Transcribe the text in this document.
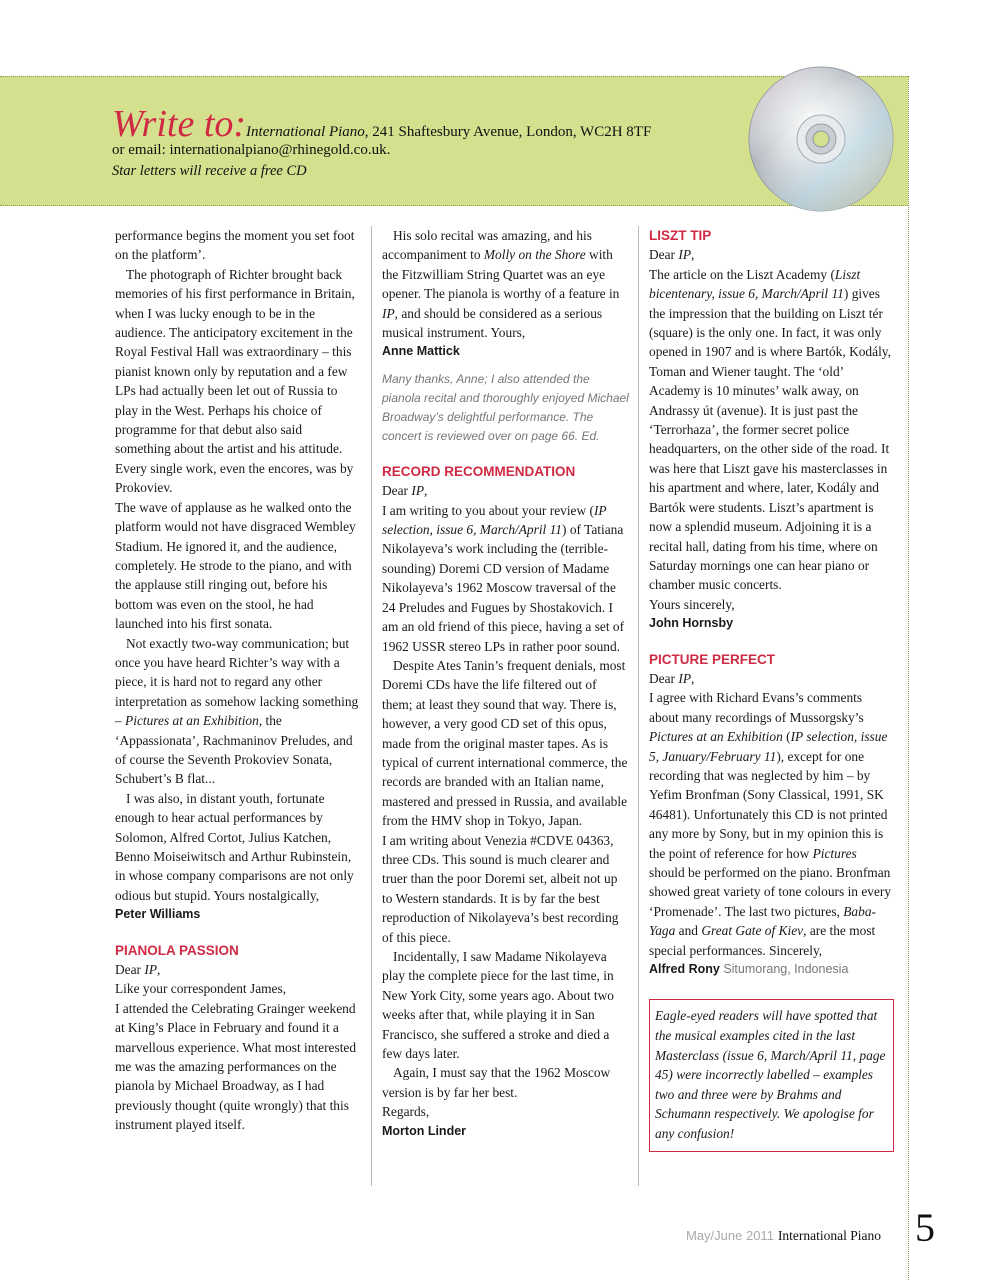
Write to:International Piano, 241 Shaftesbury Avenue, London, WC2H 8TF
or email: internationalpiano@rhinegold.co.uk.
Star letters will receive a free CD

performance begins the moment you set foot on the platform’.

The photograph of Richter brought back memories of his first performance in Britain, when I was lucky enough to be in the audience. The anticipatory excitement in the Royal Festival Hall was extraordinary – this pianist known only by reputation and a few LPs had actually been let out of Russia to play in the West. Perhaps his choice of programme for that debut also said something about the artist and his attitude. Every single work, even the encores, was by Prokoviev.

The wave of applause as he walked onto the platform would not have disgraced Wembley Stadium. He ignored it, and the audience, completely. He strode to the piano, and with the applause still ringing out, before his bottom was even on the stool, he had launched into his first sonata.

Not exactly two-way communication; but once you have heard Richter’s way with a piece, it is hard not to regard any other interpretation as somehow lacking something – Pictures at an Exhibition, the ‘Appassionata’, Rachmaninov Preludes, and of course the Seventh Prokoviev Sonata, Schubert’s B flat...

I was also, in distant youth, fortunate enough to hear actual performances by Solomon, Alfred Cortot, Julius Katchen, Benno Moiseiwitsch and Arthur Rubinstein, in whose company comparisons are not only odious but stupid. Yours nostalgically,

Peter Williams

PIANOLA PASSION

Dear IP,

Like your correspondent James,

I attended the Celebrating Grainger weekend at King’s Place in February and found it a marvellous experience. What most interested me was the amazing performances on the pianola by Michael Broadway, as I had previously thought (quite wrongly) that this instrument played itself.

His solo recital was amazing, and his accompaniment to Molly on the Shore with the Fitzwilliam String Quartet was an eye opener. The pianola is worthy of a feature in IP, and should be considered as a serious musical instrument. Yours,

Anne Mattick

Many thanks, Anne; I also attended the pianola recital and thoroughly enjoyed Michael Broadway’s delightful performance. The concert is reviewed over on page 66. Ed.

RECORD RECOMMENDATION

Dear IP,

I am writing to you about your review (IP selection, issue 6, March/April 11) of Tatiana Nikolayeva’s work including the (terrible-sounding) Doremi CD version of Madame Nikolayeva’s 1962 Moscow traversal of the 24 Preludes and Fugues by Shostakovich. I am an old friend of this piece, having a set of 1962 USSR stereo LPs in rather poor sound.

Despite Ates Tanin’s frequent denials, most Doremi CDs have the life filtered out of them; at least they sound that way. There is, however, a very good CD set of this opus, made from the original master tapes. As is typical of current international commerce, the records are branded with an Italian name, mastered and pressed in Russia, and available from the HMV shop in Tokyo, Japan.

I am writing about Venezia #CDVE 04363, three CDs. This sound is much clearer and truer than the poor Doremi set, albeit not up to Western standards. It is by far the best reproduction of Nikolayeva’s best recording of this piece.

Incidentally, I saw Madame Nikolayeva play the complete piece for the last time, in New York City, some years ago. About two weeks after that, while playing it in San Francisco, she suffered a stroke and died a few days later.

Again, I must say that the 1962 Moscow version is by far her best.

Regards,

Morton Linder

LISZT TIP

Dear IP,

The article on the Liszt Academy (Liszt bicentenary, issue 6, March/April 11) gives the impression that the building on Liszt tér (square) is the only one. In fact, it was only opened in 1907 and is where Bartók, Kodály, Toman and Wiener taught. The ‘old’ Academy is 10 minutes’ walk away, on Andrassy út (avenue). It is just past the ‘Terrorhaza’, the former secret police headquarters, on the other side of the road. It was here that Liszt gave his masterclasses in his apartment and where, later, Kodály and Bartók were students. Liszt’s apartment is now a splendid museum. Adjoining it is a recital hall, dating from his time, where on Saturday mornings one can hear piano or chamber music concerts.

Yours sincerely,

John Hornsby

PICTURE PERFECT

Dear IP,

I agree with Richard Evans’s comments about many recordings of Mussorgsky’s Pictures at an Exhibition (IP selection, issue 5, January/February 11), except for one recording that was neglected by him – by Yefim Bronfman (Sony Classical, 1991, SK 46481). Unfortunately this CD is not printed any more by Sony, but in my opinion this is the point of reference for how Pictures should be performed on the piano. Bronfman showed great variety of tone colours in every ‘Promenade’. The last two pictures, Baba-Yaga and Great Gate of Kiev, are the most special performances. Sincerely,

Alfred Rony Situmorang, Indonesia

Eagle-eyed readers will have spotted that the musical examples cited in the last Masterclass (issue 6, March/April 11, page 45) were incorrectly labelled – examples two and three were by Brahms and Schumann respectively. We apologise for any confusion!
May/June 2011 International Piano 5
